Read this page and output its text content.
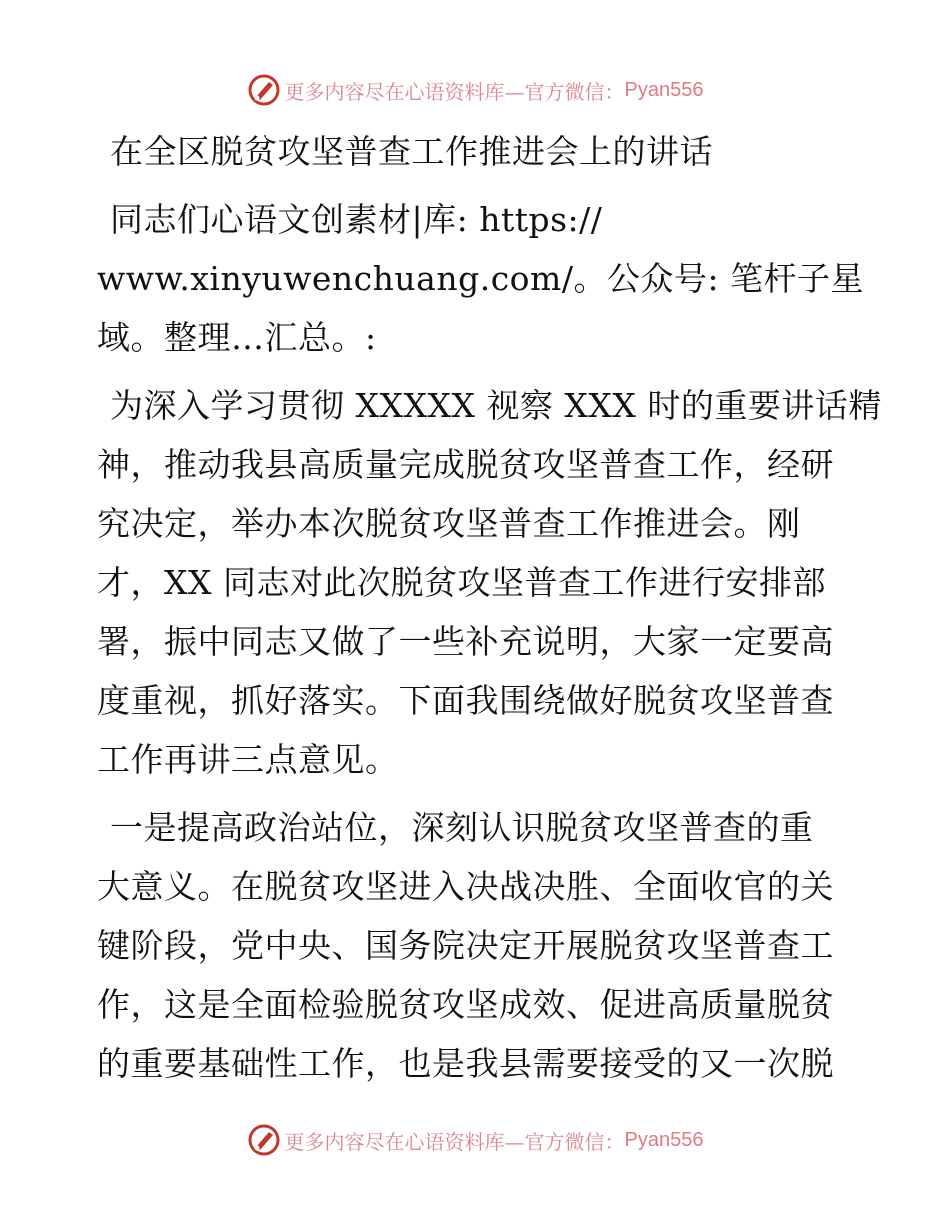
更多内容尽在心语资料库—官方微信： Pyan556
在全区脱贫攻坚普查工作推进会上的讲话
同志们心语文创素材|库: https://
www.xinyuwenchuang.com/。公众号: 笔杆子星
域。整理…汇总。:
为深入学习贯彻 XXXXX 视察 XXX 时的重要讲话精
神，推动我县高质量完成脱贫攻坚普查工作，经研
究决定，举办本次脱贫攻坚普查工作推进会。刚
才，XX 同志对此次脱贫攻坚普查工作进行安排部
署，振中同志又做了一些补充说明，大家一定要高
度重视，抓好落实。下面我围绕做好脱贫攻坚普查
工作再讲三点意见。
一是提高政治站位，深刻认识脱贫攻坚普查的重
大意义。在脱贫攻坚进入决战决胜、全面收官的关
键阶段，党中央、国务院决定开展脱贫攻坚普查工
作，这是全面检验脱贫攻坚成效、促进高质量脱贫
的重要基础性工作，也是我县需要接受的又一次脱
更多内容尽在心语资料库—官方微信： Pyan556
